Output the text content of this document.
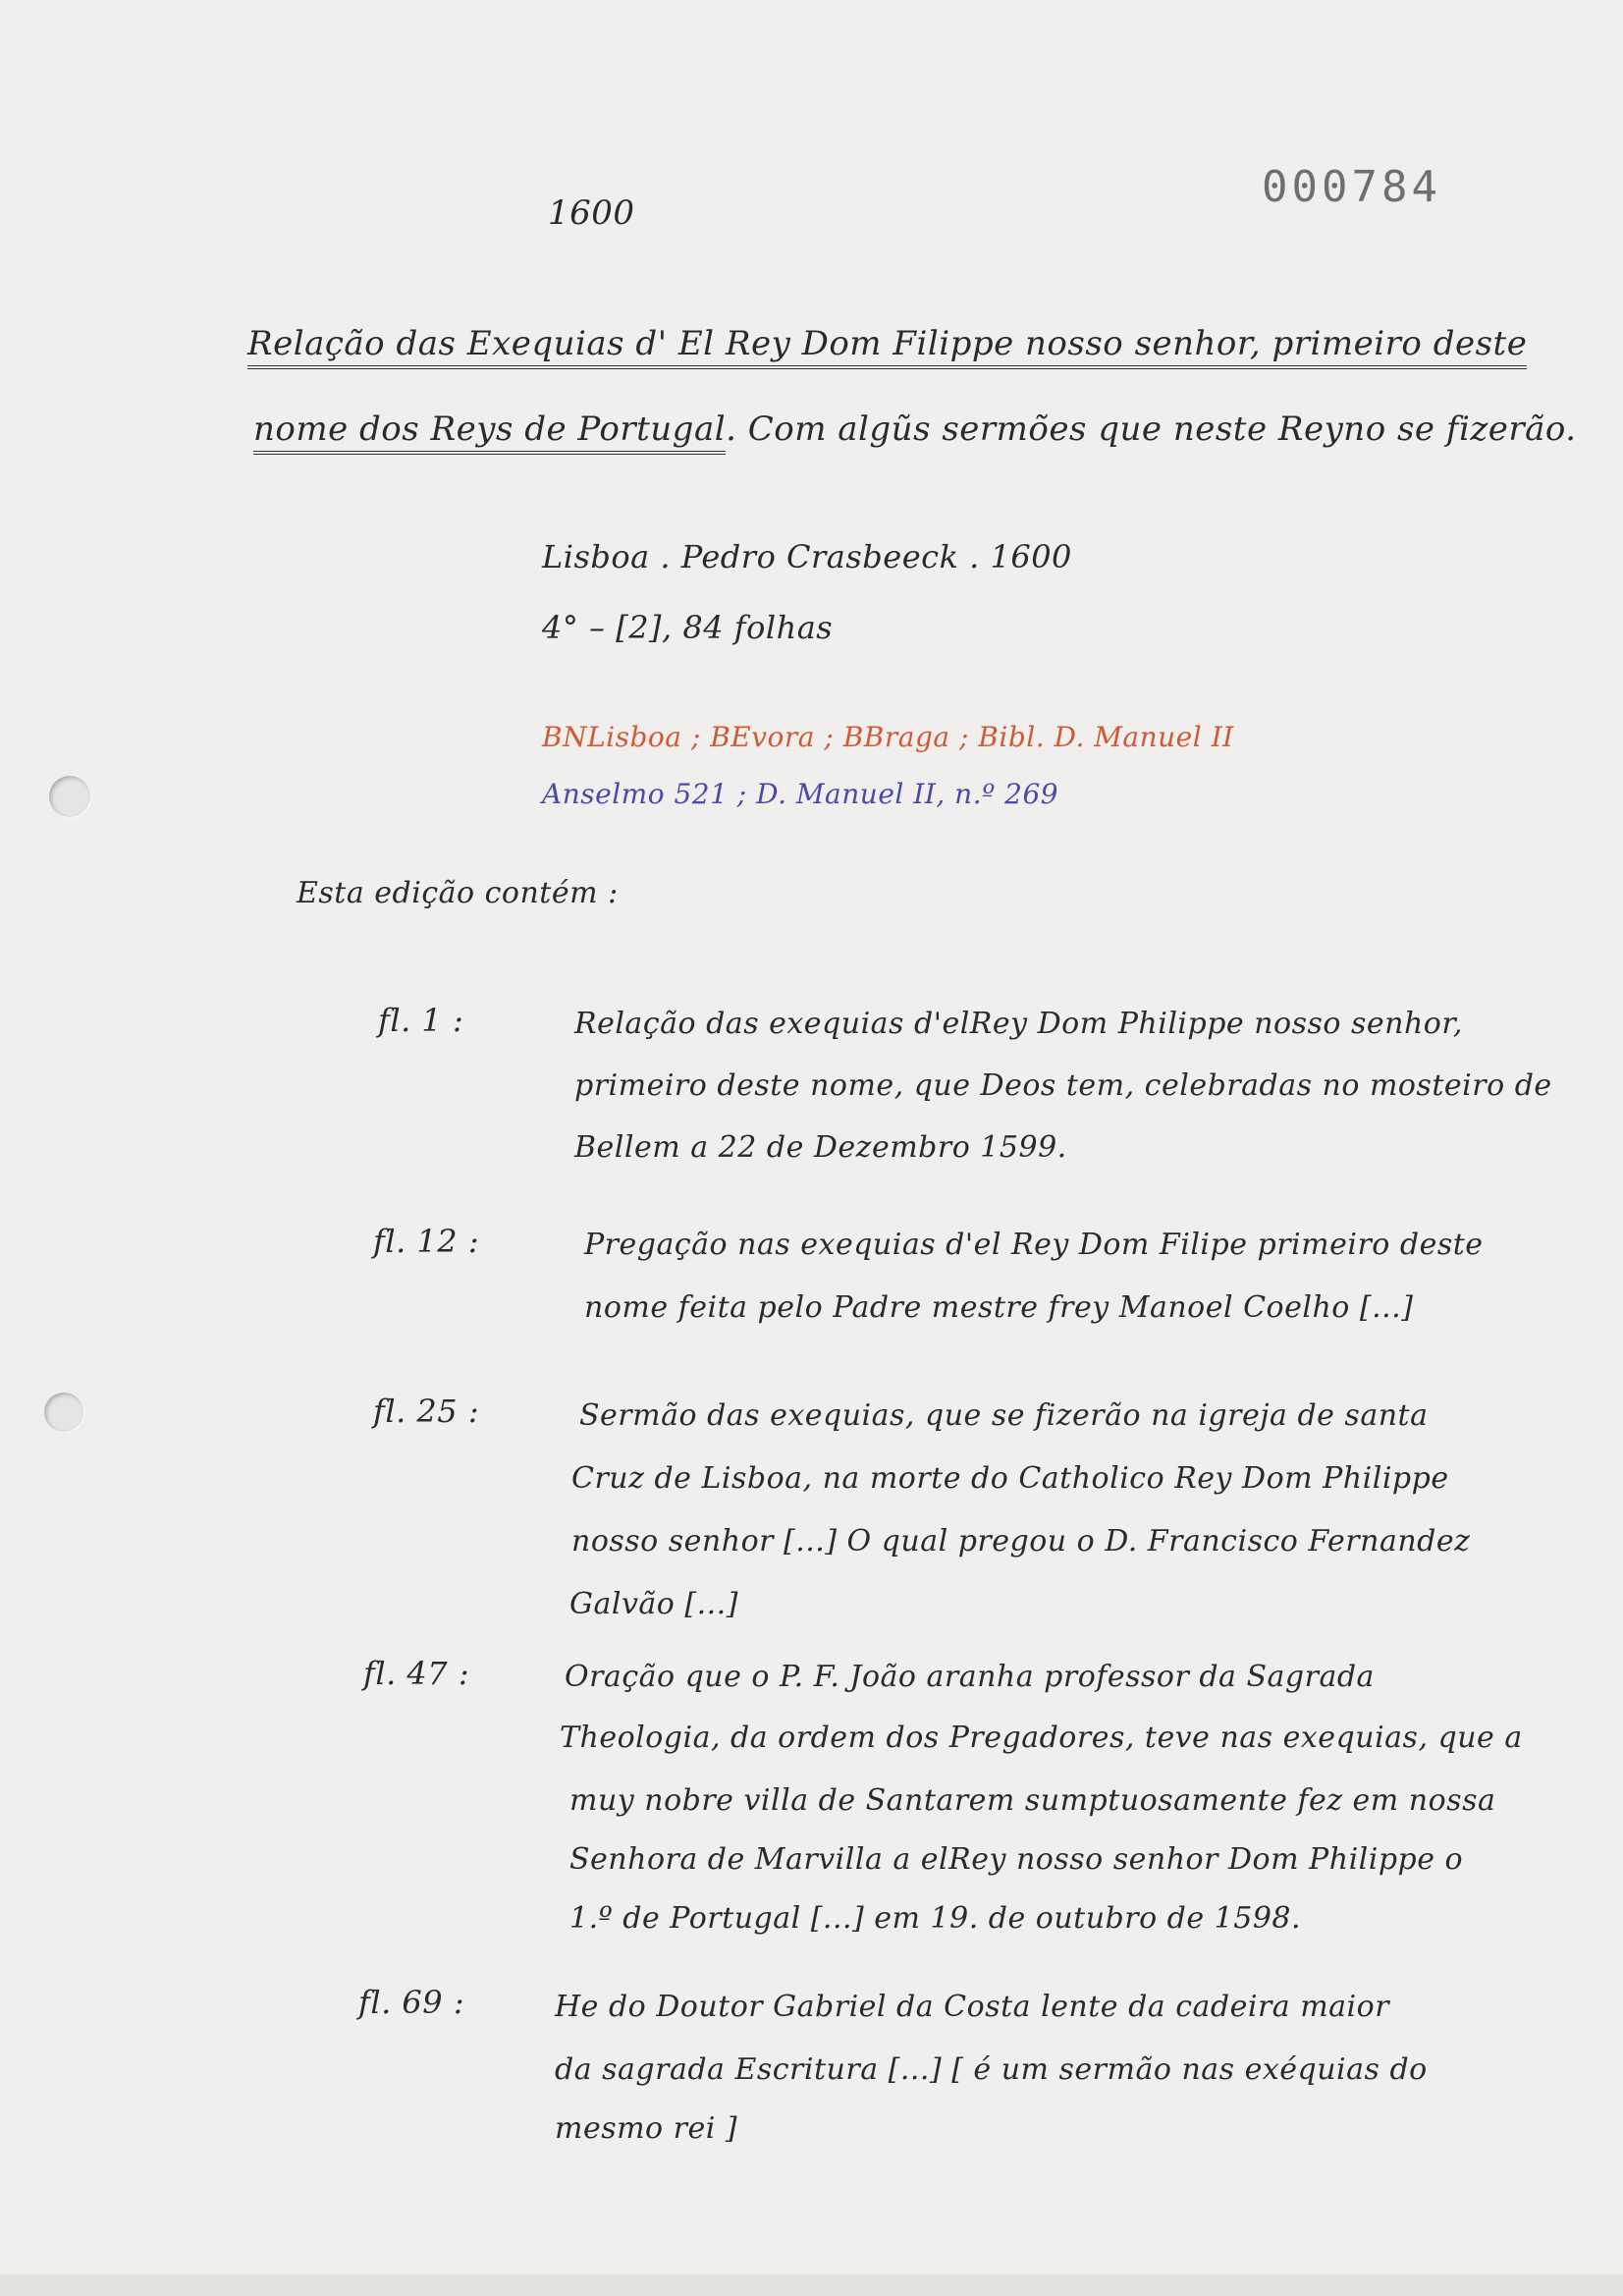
000784
1600
Relação das Exequias d' El Rey Dom Filippe nosso senhor, primeiro deste
nome dos Reys de Portugal. Com algũs sermões que neste Reyno se fizerão.
Lisboa . Pedro Crasbeeck . 1600
4° – [2], 84 folhas
BNLisboa ; BEvora ; BBraga ; Bibl. D. Manuel II
Anselmo 521 ; D. Manuel II, n.º 269
Esta edição contém :
fl. 1 :	Relação das exequias d'elRey Dom Philippe nosso senhor,
primeiro deste nome, que Deos tem, celebradas no mosteiro de
Bellem a 22 de Dezembro 1599.
fl. 12 :	Pregação nas exequias d'el Rey Dom Filipe primeiro deste
nome feita pelo Padre mestre frey Manoel Coelho [...]
fl. 25 :	Sermão das exequias, que se fizerão na igreja de santa
Cruz de Lisboa, na morte do Catholico Rey Dom Philippe
nosso senhor [...] O qual pregou o D. Francisco Fernandez
Galvão [...]
fl. 47 :	Oração que o P. F. João aranha professor da Sagrada
Theologia, da ordem dos Pregadores, teve nas exequias, que a
muy nobre villa de Santarem sumptuosamente fez em nossa
Senhora de Marvilla a elRey nosso senhor Dom Philippe o
1.º de Portugal [...] em 19. de outubro de 1598.
fl. 69 :	He do Doutor Gabriel da Costa lente da cadeira maior
da sagrada Escritura [...] [ é um sermão nas exéquias do
mesmo rei ]
